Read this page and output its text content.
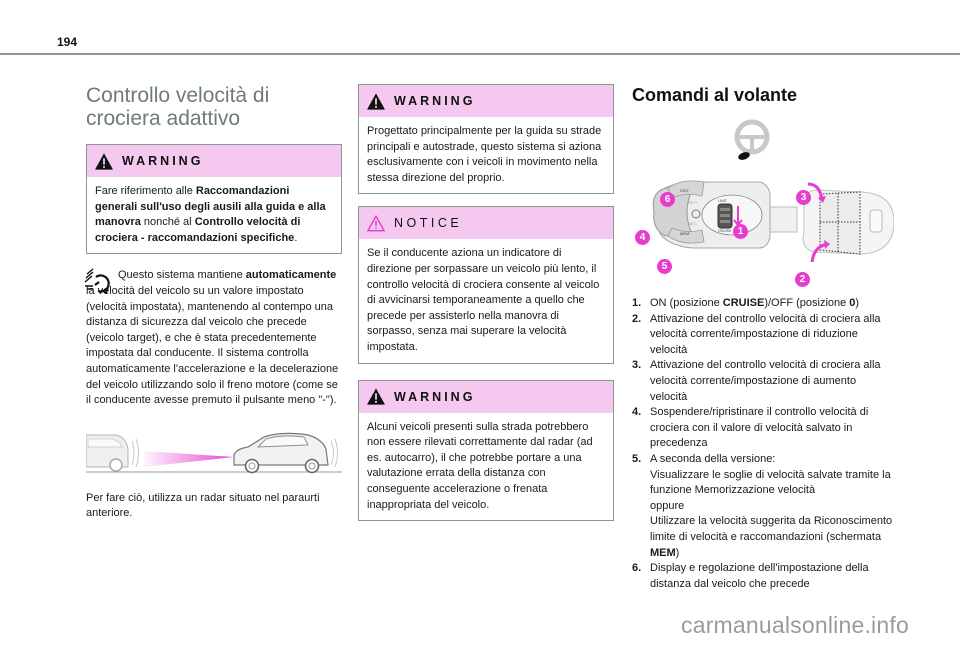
194
Controllo velocità di
crociera adattivo
WARNING
Fare riferimento alle Raccomandazioni generali sull'uso degli ausili alla guida e alla manovra nonché al Controllo velocità di crociera - raccomandazioni specifiche.

Questo sistema mantiene automaticamente la velocità del veicolo su un valore impostato (velocità impostata), mantenendo al contempo una distanza di sicurezza dal veicolo che precede (veicolo target), e che è stata precedentemente impostata dal conducente. Il sistema controlla automaticamente l'accelerazione e la decelerazione del veicolo utilizzando solo il freno motore (come se il conducente avesse premuto il pulsante meno "-").

Per fare ciò, utilizza un radar situato nel paraurti anteriore.

WARNING
Progettato principalmente per la guida su strade principali e autostrade, questo sistema si aziona esclusivamente con i veicoli in movimento nella stessa direzione del proprio.
NOTICE
Se il conducente aziona un indicatore di direzione per sorpassare un veicolo più lento, il controllo velocità di crociera consente al veicolo di avvicinarsi temporaneamente a quello che precede per assisterlo nella manovra di sorpasso, senza mai superare la velocità impostata.
WARNING
Alcuni veicoli presenti sulla strada potrebbero non essere rilevati correttamente dal radar (ad es. autocarro), il che potrebbe portare a una valutazione errata della distanza con conseguente accelerazione o frenata inappropriata del veicolo.
Comandi al volante
SET+
SET-
DIST
MEM
LIMIT
CRUISE 1
2
3
4
5
6
1. ON (posizione CRUISE)/OFF (posizione 0)
2. Attivazione del controllo velocità di crociera alla velocità corrente/impostazione di riduzione velocità
3. Attivazione del controllo velocità di crociera alla velocità corrente/impostazione di aumento velocità
4. Sospendere/ripristinare il controllo velocità di crociera con il valore di velocità salvato in precedenza
5. A seconda della versione:
Visualizzare le soglie di velocità salvate tramite la funzione Memorizzazione velocità
oppure
Utilizzare la velocità suggerita da Riconoscimento limite di velocità e raccomandazioni (schermata MEM)
6. Display e regolazione dell'impostazione della distanza dal veicolo che precede
carmanualsonline.info
